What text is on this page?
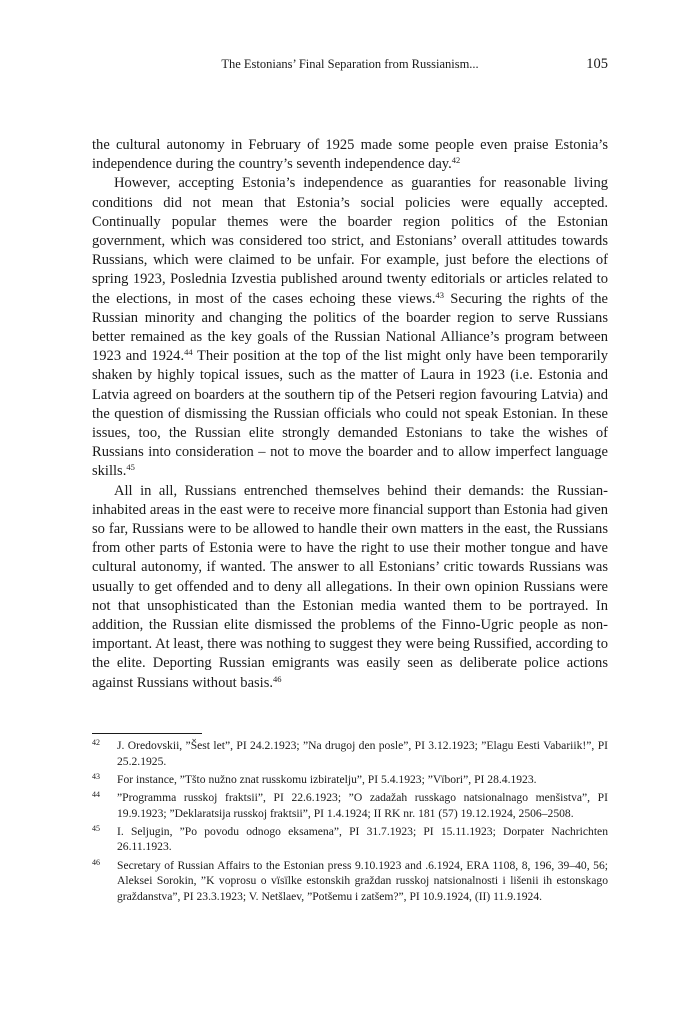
The Estonians’ Final Separation from Russianism...	105

the cultural autonomy in February of 1925 made some people even praise Estonia’s independence during the country’s seventh independence day.$^{42}$

However, accepting Estonia’s independence as guaranties for reasonable living conditions did not mean that Estonia’s social policies were equally accepted. Continually popular themes were the boarder region politics of the Estonian government, which was considered too strict, and Estonians’ overall attitudes towards Russians, which were claimed to be unfair. For example, just before the elections of spring 1923, Poslednia Izvestia published around twenty editorials or articles related to the elections, in most of the cases echoing these views.$^{43}$ Securing the rights of the Russian minority and changing the politics of the boarder region to serve Russians better remained as the key goals of the Russian National Alliance’s program between 1923 and 1924.44 Their position at the top of the list might only have been temporarily shaken by highly topical issues, such as the matter of Laura in 1923 (i.e. Estonia and Latvia agreed on boarders at the southern tip of the Petseri region favouring Latvia) and the question of dismissing the Russian officials who could not speak Estonian. In these issues, too, the Russian elite strongly demanded Estonians to take the wishes of Russians into consideration – not to move the boarder and to allow imperfect language skills.$^{45}$

All in all, Russians entrenched themselves behind their demands: the Russian-inhabited areas in the east were to receive more financial support than Estonia had given so far, Russians were to be allowed to handle their own matters in the east, the Russians from other parts of Estonia were to have the right to use their mother tongue and have cultural autonomy, if wanted. The answer to all Estonians’ critic towards Russians was usually to get offended and to deny all allegations. In their own opinion Russians were not that unsophisticated than the Estonian media wanted them to be portrayed. In addition, the Russian elite dismissed the problems of the Finno-Ugric people as non-important. At least, there was nothing to suggest they were being Russified, according to the elite. Deporting Russian emigrants was easily seen as deliberate police actions against Russians without basis.$^{46}$

42 J. Oredovskii, ”Šest let”, PI 24.2.1923; ”Na drugoj den posle”, PI 3.12.1923; ”Elagu Eesti Vabariik!”, PI 25.2.1925.
43 For instance, ”Tšto nužno znat russkomu izbiratelju”, PI 5.4.1923; ”Vïbori”, PI 28.4.1923.
44 ”Programma russkoj fraktsii”, PI 22.6.1923; ”O zadažah russkago natsionalnago menšistva”, PI 19.9.1923; ”Deklaratsija russkoj fraktsii”, PI 1.4.1924; II RK nr. 181 (57) 19.12.1924, 2506–2508.
45 I. Seljugin, ”Po povodu odnogo eksamena”, PI 31.7.1923; PI 15.11.1923; Dorpater Nachrichten 26.11.1923.
46 Secretary of Russian Affairs to the Estonian press 9.10.1923 and .6.1924, ERA 1108, 8, 196, 39–40, 56; Aleksei Sorokin, ”K voprosu o vïsïlke estonskih graždan russkoj natsionalnosti i lišenii ih estonskago graždanstva”, PI 23.3.1923; V. Netšlaev, ”Potšemu i zatšem?”, PI 10.9.1924, (II) 11.9.1924.
